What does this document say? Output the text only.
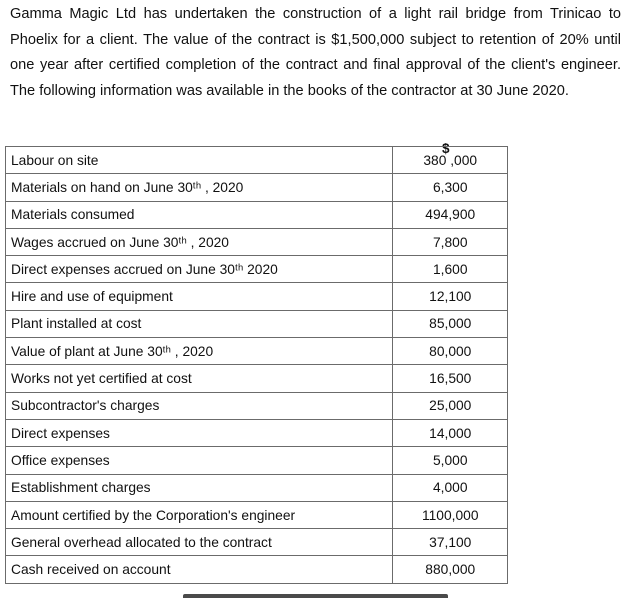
Gamma Magic Ltd has undertaken the construction of a light rail bridge from Trinicao to Phoelix for a client. The value of the contract is $1,500,000 subject to retention of 20% until one year after certified completion of the contract and final approval of the client's engineer. The following information was available in the books of the contractor at 30 June 2020.

$
Labour on site	380 ,000
Materials on hand on June 30ᵗʰ , 2020	6,300
Materials consumed	494,900
Wages accrued on June 30ᵗʰ , 2020	7,800
Direct expenses accrued on June 30ᵗʰ 2020	1,600
Hire and use of equipment	12,100
Plant installed at cost	85,000
Value of plant at June 30ᵗʰ , 2020	80,000
Works not yet certified at cost	16,500
Subcontractor's charges	25,000
Direct expenses	14,000
Office expenses	5,000
Establishment charges	4,000
Amount certified by the Corporation's engineer	1100,000
General overhead allocated to the contract	37,100
Cash received on account	880,000
